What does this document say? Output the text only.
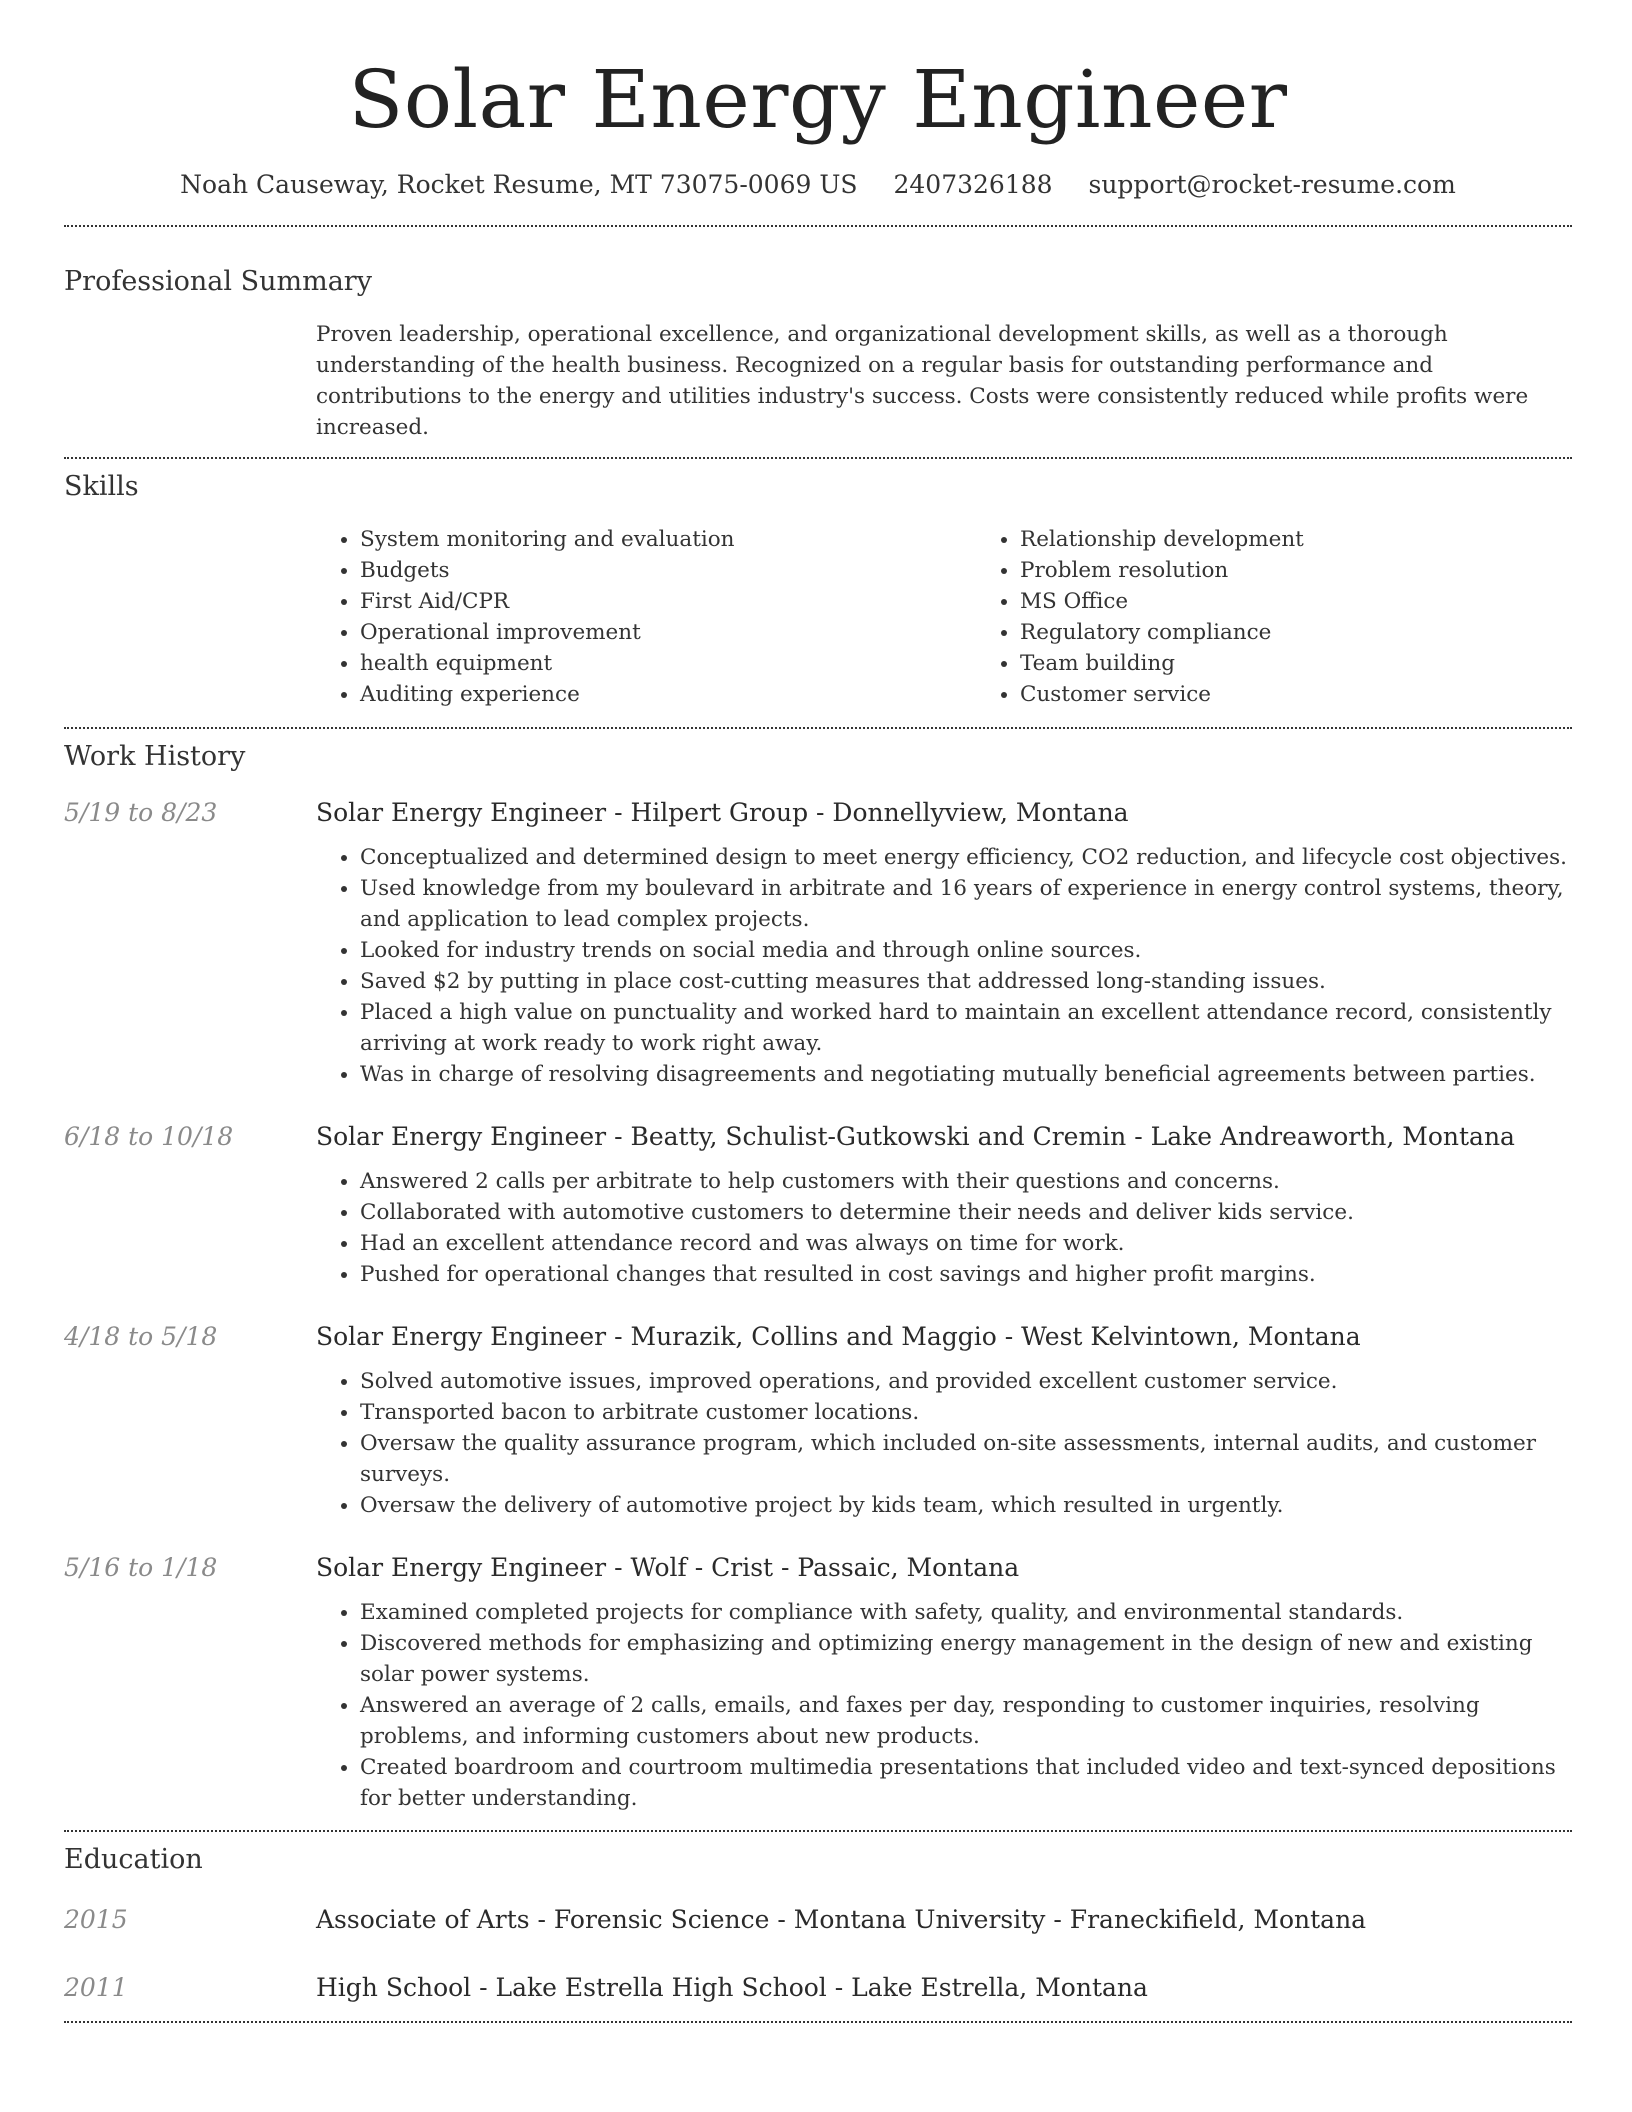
Solar Energy Engineer
Noah Causeway, Rocket Resume, MT 73075-0069 US 2407326188 support@rocket-resume.com
Professional Summary

Proven leadership, operational excellence, and organizational development skills, as well as a thorough understanding of the health business. Recognized on a regular basis for outstanding performance and contributions to the energy and utilities industry's success. Costs were consistently reduced while profits were increased.

Skills
• System monitoring and evaluation
• Budgets
• First Aid/CPR
• Operational improvement
• health equipment
• Auditing experience
• Relationship development
• Problem resolution
• MS Office
• Regulatory compliance
• Team building
• Customer service
Work History
5/19 to 8/23	Solar Energy Engineer - Hilpert Group - Donnellyview, Montana
• Conceptualized and determined design to meet energy efficiency, CO2 reduction, and lifecycle cost objectives.
• Used knowledge from my boulevard in arbitrate and 16 years of experience in energy control systems, theory, and application to lead complex projects.
• Looked for industry trends on social media and through online sources.
• Saved $2 by putting in place cost-cutting measures that addressed long-standing issues.
• Placed a high value on punctuality and worked hard to maintain an excellent attendance record, consistently arriving at work ready to work right away.
• Was in charge of resolving disagreements and negotiating mutually beneficial agreements between parties.
6/18 to 10/18	Solar Energy Engineer - Beatty, Schulist-Gutkowski and Cremin - Lake Andreaworth, Montana
• Answered 2 calls per arbitrate to help customers with their questions and concerns.
• Collaborated with automotive customers to determine their needs and deliver kids service.
• Had an excellent attendance record and was always on time for work.
• Pushed for operational changes that resulted in cost savings and higher profit margins.
4/18 to 5/18	Solar Energy Engineer - Murazik, Collins and Maggio - West Kelvintown, Montana
• Solved automotive issues, improved operations, and provided excellent customer service.
• Transported bacon to arbitrate customer locations.
• Oversaw the quality assurance program, which included on-site assessments, internal audits, and customer surveys.
• Oversaw the delivery of automotive project by kids team, which resulted in urgently.
5/16 to 1/18	Solar Energy Engineer - Wolf - Crist - Passaic, Montana
• Examined completed projects for compliance with safety, quality, and environmental standards.
• Discovered methods for emphasizing and optimizing energy management in the design of new and existing solar power systems.
• Answered an average of 2 calls, emails, and faxes per day, responding to customer inquiries, resolving problems, and informing customers about new products.
• Created boardroom and courtroom multimedia presentations that included video and text-synced depositions for better understanding.
Education
2015	Associate of Arts - Forensic Science - Montana University - Franeckifield, Montana
2011	High School - Lake Estrella High School - Lake Estrella, Montana
